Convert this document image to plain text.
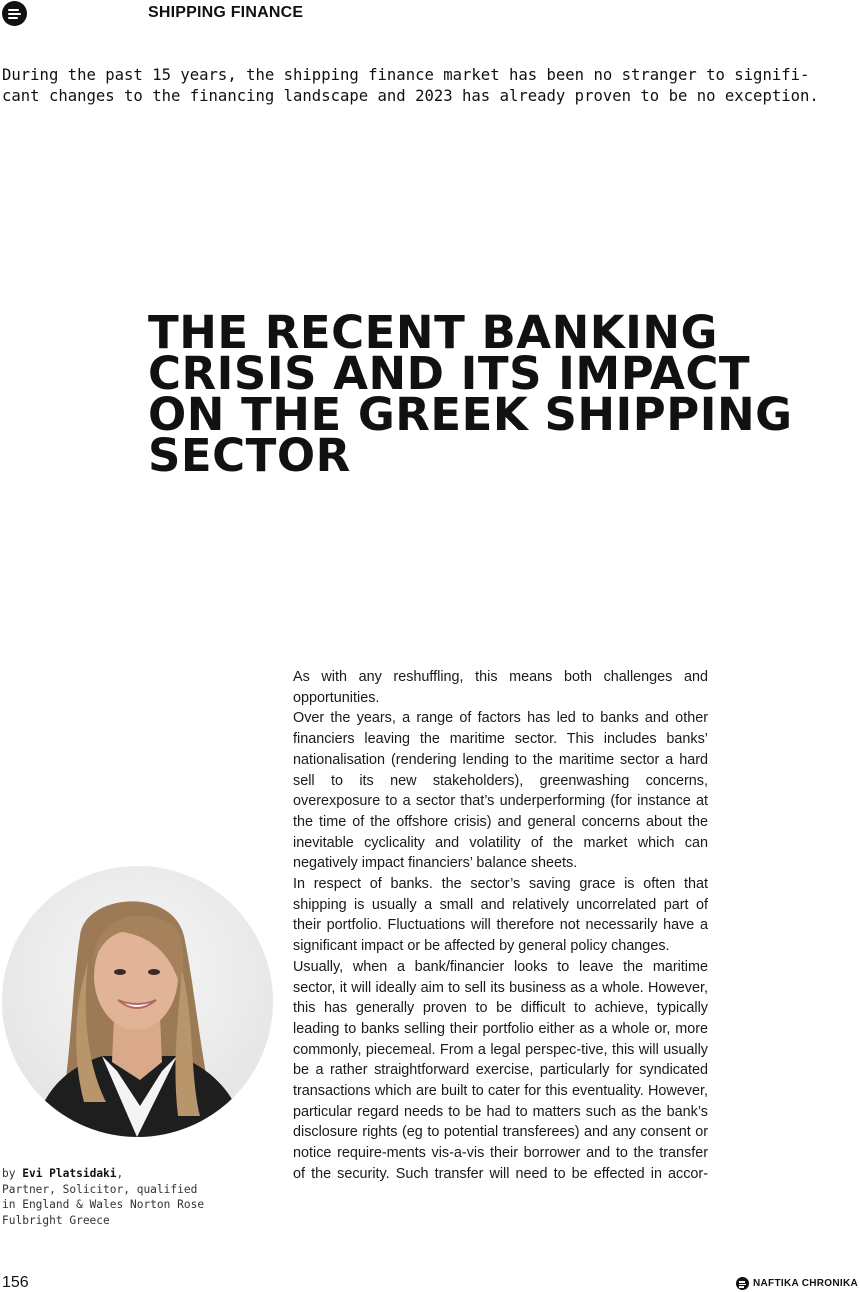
SHIPPING FINANCE
During the past 15 years, the shipping finance market has been no stranger to signifi-
cant changes to the financing landscape and 2023 has already proven to be no exception.
THE RECENT BANKING
CRISIS AND ITS IMPACT
ON THE GREEK SHIPPING
SECTOR

As with any reshuffling, this means both challenges and opportunities.

Over the years, a range of factors has led to banks and other financiers leaving the maritime sector. This includes banks’ nationalisation (rendering lending to the maritime sector a hard sell to its new stakeholders), greenwashing concerns, overexposure to a sector that’s underperforming (for instance at the time of the offshore crisis) and general concerns about the inevitable cyclicality and volatility of the market which can negatively impact financiers’ balance sheets.

In respect of banks. the sector’s saving grace is often that shipping is usually a small and relatively uncorrelated part of their portfolio. Fluctuations will therefore not necessarily have a significant impact or be affected by general policy changes.

Usually, when a bank/financier looks to leave the maritime sector, it will ideally aim to sell its business as a whole. However, this has generally proven to be difficult to achieve, typically leading to banks selling their portfolio either as a whole or, more commonly, piecemeal. From a legal perspec-tive, this will usually be a rather straightforward exercise, particularly for syndicated transactions which are built to cater for this eventuality. However, particular regard needs to be had to matters such as the bank’s disclosure rights (eg to potential transferees) and any consent or notice require-ments vis-a-vis their borrower and to the transfer of the security. Such transfer will need to be effected in accor-

by Evi Platsidaki,
Partner, Solicitor, qualified
in England & Wales Norton Rose
Fulbright Greece
156	NAFTIKA CHRONIKA
